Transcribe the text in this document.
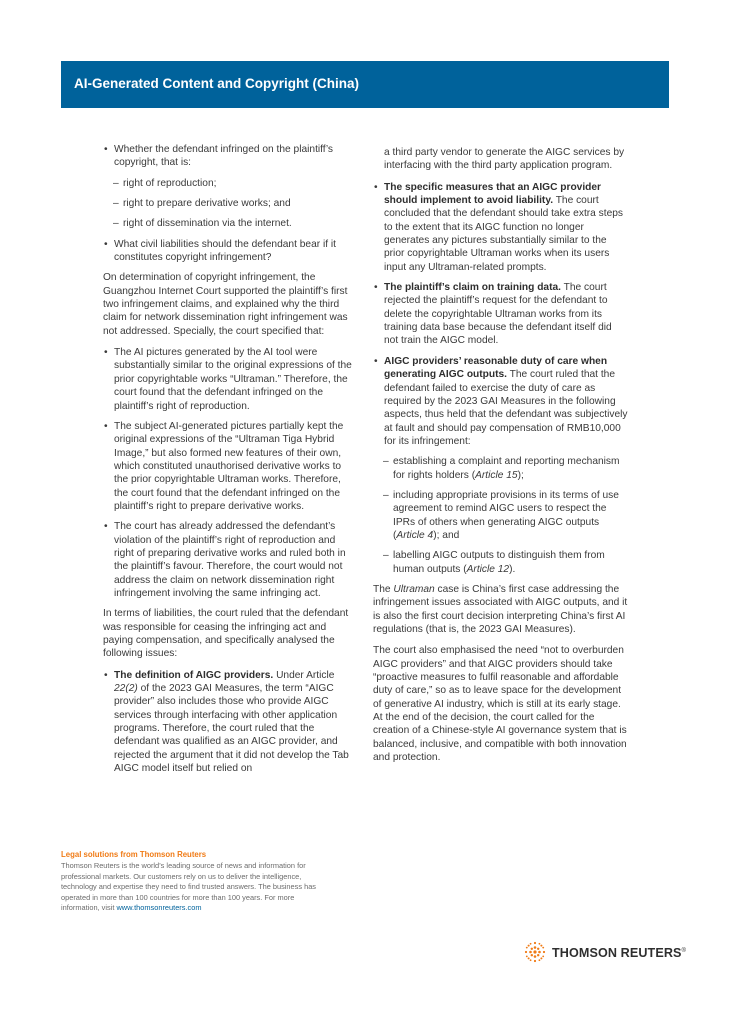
AI-Generated Content and Copyright (China)
• Whether the defendant infringed on the plaintiff’s copyright, that is:
– right of reproduction;
– right to prepare derivative works; and
– right of dissemination via the internet.
• What civil liabilities should the defendant bear if it constitutes copyright infringement?

On determination of copyright infringement, the Guangzhou Internet Court supported the plaintiff’s first two infringement claims, and explained why the third claim for network dissemination right infringement was not addressed. Specially, the court specified that:

• The AI pictures generated by the AI tool were substantially similar to the original expressions of the prior copyrightable works “Ultraman.” Therefore, the court found that the defendant infringed on the plaintiff’s right of reproduction.
• The subject AI-generated pictures partially kept the original expressions of the “Ultraman Tiga Hybrid Image,” but also formed new features of their own, which constituted unauthorised derivative works to the prior copyrightable Ultraman works. Therefore, the court found that the defendant infringed on the plaintiff’s right to prepare derivative works.
• The court has already addressed the defendant’s violation of the plaintiff’s right of reproduction and right of preparing derivative works and ruled both in the plaintiff’s favour. Therefore, the court would not address the claim on network dissemination right infringement involving the same infringing act.

In terms of liabilities, the court ruled that the defendant was responsible for ceasing the infringing act and paying compensation, and specifically analysed the following issues:

• The definition of AIGC providers. Under Article 22(2) of the 2023 GAI Measures, the term “AIGC provider” also includes those who provide AIGC services through interfacing with other application programs. Therefore, the court ruled that the defendant was qualified as an AIGC provider, and rejected the argument that it did not develop the Tab AIGC model itself but relied on

a third party vendor to generate the AIGC services by interfacing with the third party application program.

• The specific measures that an AIGC provider should implement to avoid liability. The court concluded that the defendant should take extra steps to the extent that its AIGC function no longer generates any pictures substantially similar to the prior copyrightable Ultraman works when its users input any Ultraman-related prompts.
• The plaintiff’s claim on training data. The court rejected the plaintiff’s request for the defendant to delete the copyrightable Ultraman works from its training data base because the defendant itself did not train the AIGC model.
• AIGC providers’ reasonable duty of care when generating AIGC outputs. The court ruled that the defendant failed to exercise the duty of care as required by the 2023 GAI Measures in the following aspects, thus held that the defendant was subjectively at fault and should pay compensation of RMB10,000 for its infringement:
– establishing a complaint and reporting mechanism for rights holders (Article 15);
– including appropriate provisions in its terms of use agreement to remind AIGC users to respect the IPRs of others when generating AIGC outputs (Article 4); and
– labelling AIGC outputs to distinguish them from human outputs (Article 12).

The Ultraman case is China’s first case addressing the infringement issues associated with AIGC outputs, and it is also the first court decision interpreting China’s first AI regulations (that is, the 2023 GAI Measures).

The court also emphasised the need “not to overburden AIGC providers” and that AIGC providers should take “proactive measures to fulfil reasonable and affordable duty of care,” so as to leave space for the development of generative AI industry, which is still at its early stage. At the end of the decision, the court called for the creation of a Chinese-style AI governance system that is balanced, inclusive, and compatible with both innovation and protection.

Legal solutions from Thomson Reuters
Thomson Reuters is the world’s leading source of news and information for professional markets. Our customers rely on us to deliver the intelligence, technology and expertise they need to find trusted answers. The business has operated in more than 100 countries for more than 100 years. For more information, visit www.thomsonreuters.com
THOMSON REUTERS®
